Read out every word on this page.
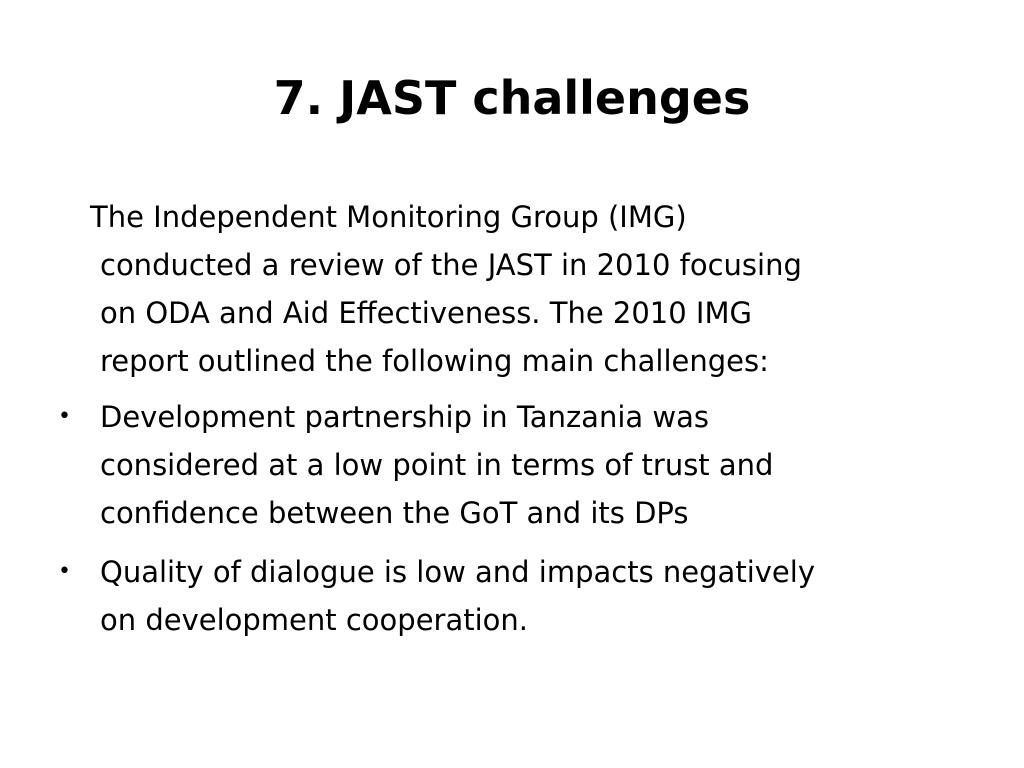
7. JAST challenges
The Independent Monitoring Group (IMG)
conducted a review of the JAST in 2010 focusing
on ODA and Aid Effectiveness. The 2010 IMG
report outlined the following main challenges:
• Development partnership in Tanzania was
considered at a low point in terms of trust and
confidence between the GoT and its DPs
• Quality of dialogue is low and impacts negatively
on development cooperation.
